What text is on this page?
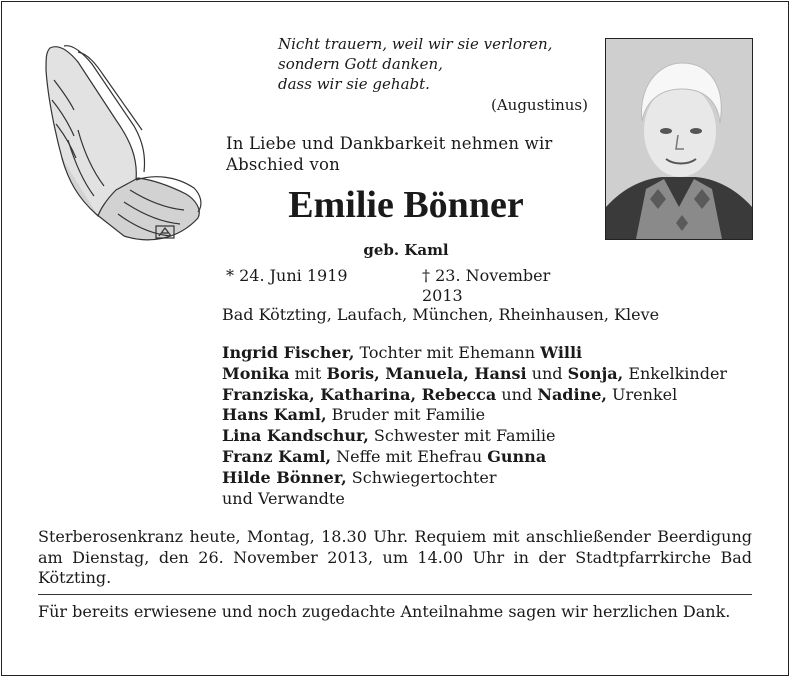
AD
Nicht trauern, weil wir sie verloren,
sondern Gott danken,
dass wir sie gehabt.
(Augustinus)
In Liebe und Dankbarkeit nehmen wir
Abschied von
Emilie Bönner
geb. Kaml
* 24. Juni 1919	† 23. November 2013
Bad Kötzting, Laufach, München, Rheinhausen, Kleve
Ingrid Fischer, Tochter mit Ehemann Willi
Monika mit Boris, Manuela, Hansi und Sonja, Enkelkinder
Franziska, Katharina, Rebecca und Nadine, Urenkel
Hans Kaml, Bruder mit Familie
Lina Kandschur, Schwester mit Familie
Franz Kaml, Neffe mit Ehefrau Gunna
Hilde Bönner, Schwiegertochter
und Verwandte
Sterberosenkranz heute, Montag, 18.30 Uhr. Requiem mit anschließender Beerdigung am Dienstag, den 26. November 2013, um 14.00 Uhr in der Stadtpfarrkirche Bad Kötzting.
Für bereits erwiesene und noch zugedachte Anteilnahme sagen wir herzlichen Dank.
